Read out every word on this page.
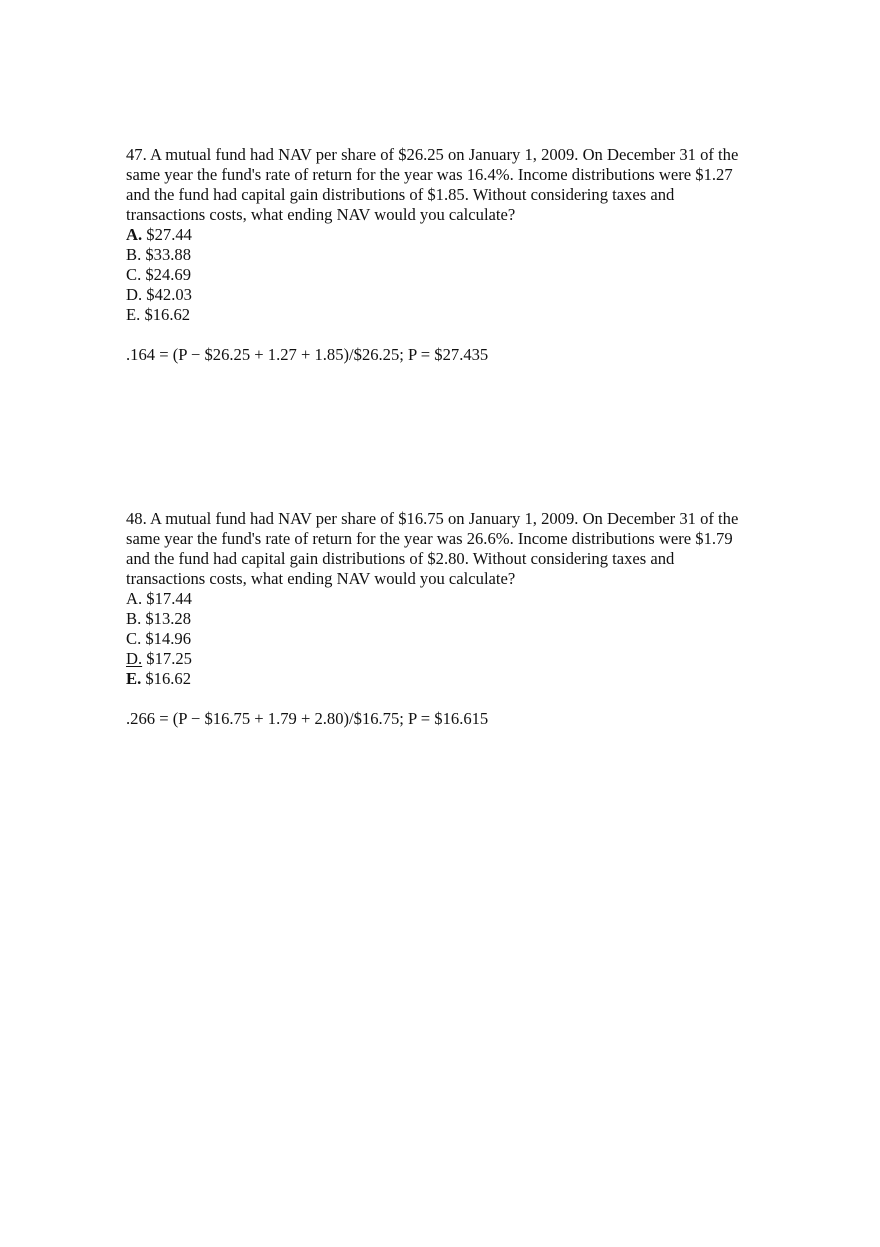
47. A mutual fund had NAV per share of $26.25 on January 1, 2009. On December 31 of the

same year the fund's rate of return for the year was 16.4%. Income distributions were $1.27

and the fund had capital gain distributions of $1.85. Without considering taxes and

transactions costs, what ending NAV would you calculate?

A. $27.44
B. $33.88
C. $24.69
D. $42.03
E. $16.62

.164 = (P − $26.25 + 1.27 + 1.85)/$26.25; P = $27.435

48. A mutual fund had NAV per share of $16.75 on January 1, 2009. On December 31 of the

same year the fund's rate of return for the year was 26.6%. Income distributions were $1.79

and the fund had capital gain distributions of $2.80. Without considering taxes and

transactions costs, what ending NAV would you calculate?

A. $17.44
B. $13.28
C. $14.96
D. $17.25
E. $16.62

.266 = (P − $16.75 + 1.79 + 2.80)/$16.75; P = $16.615
